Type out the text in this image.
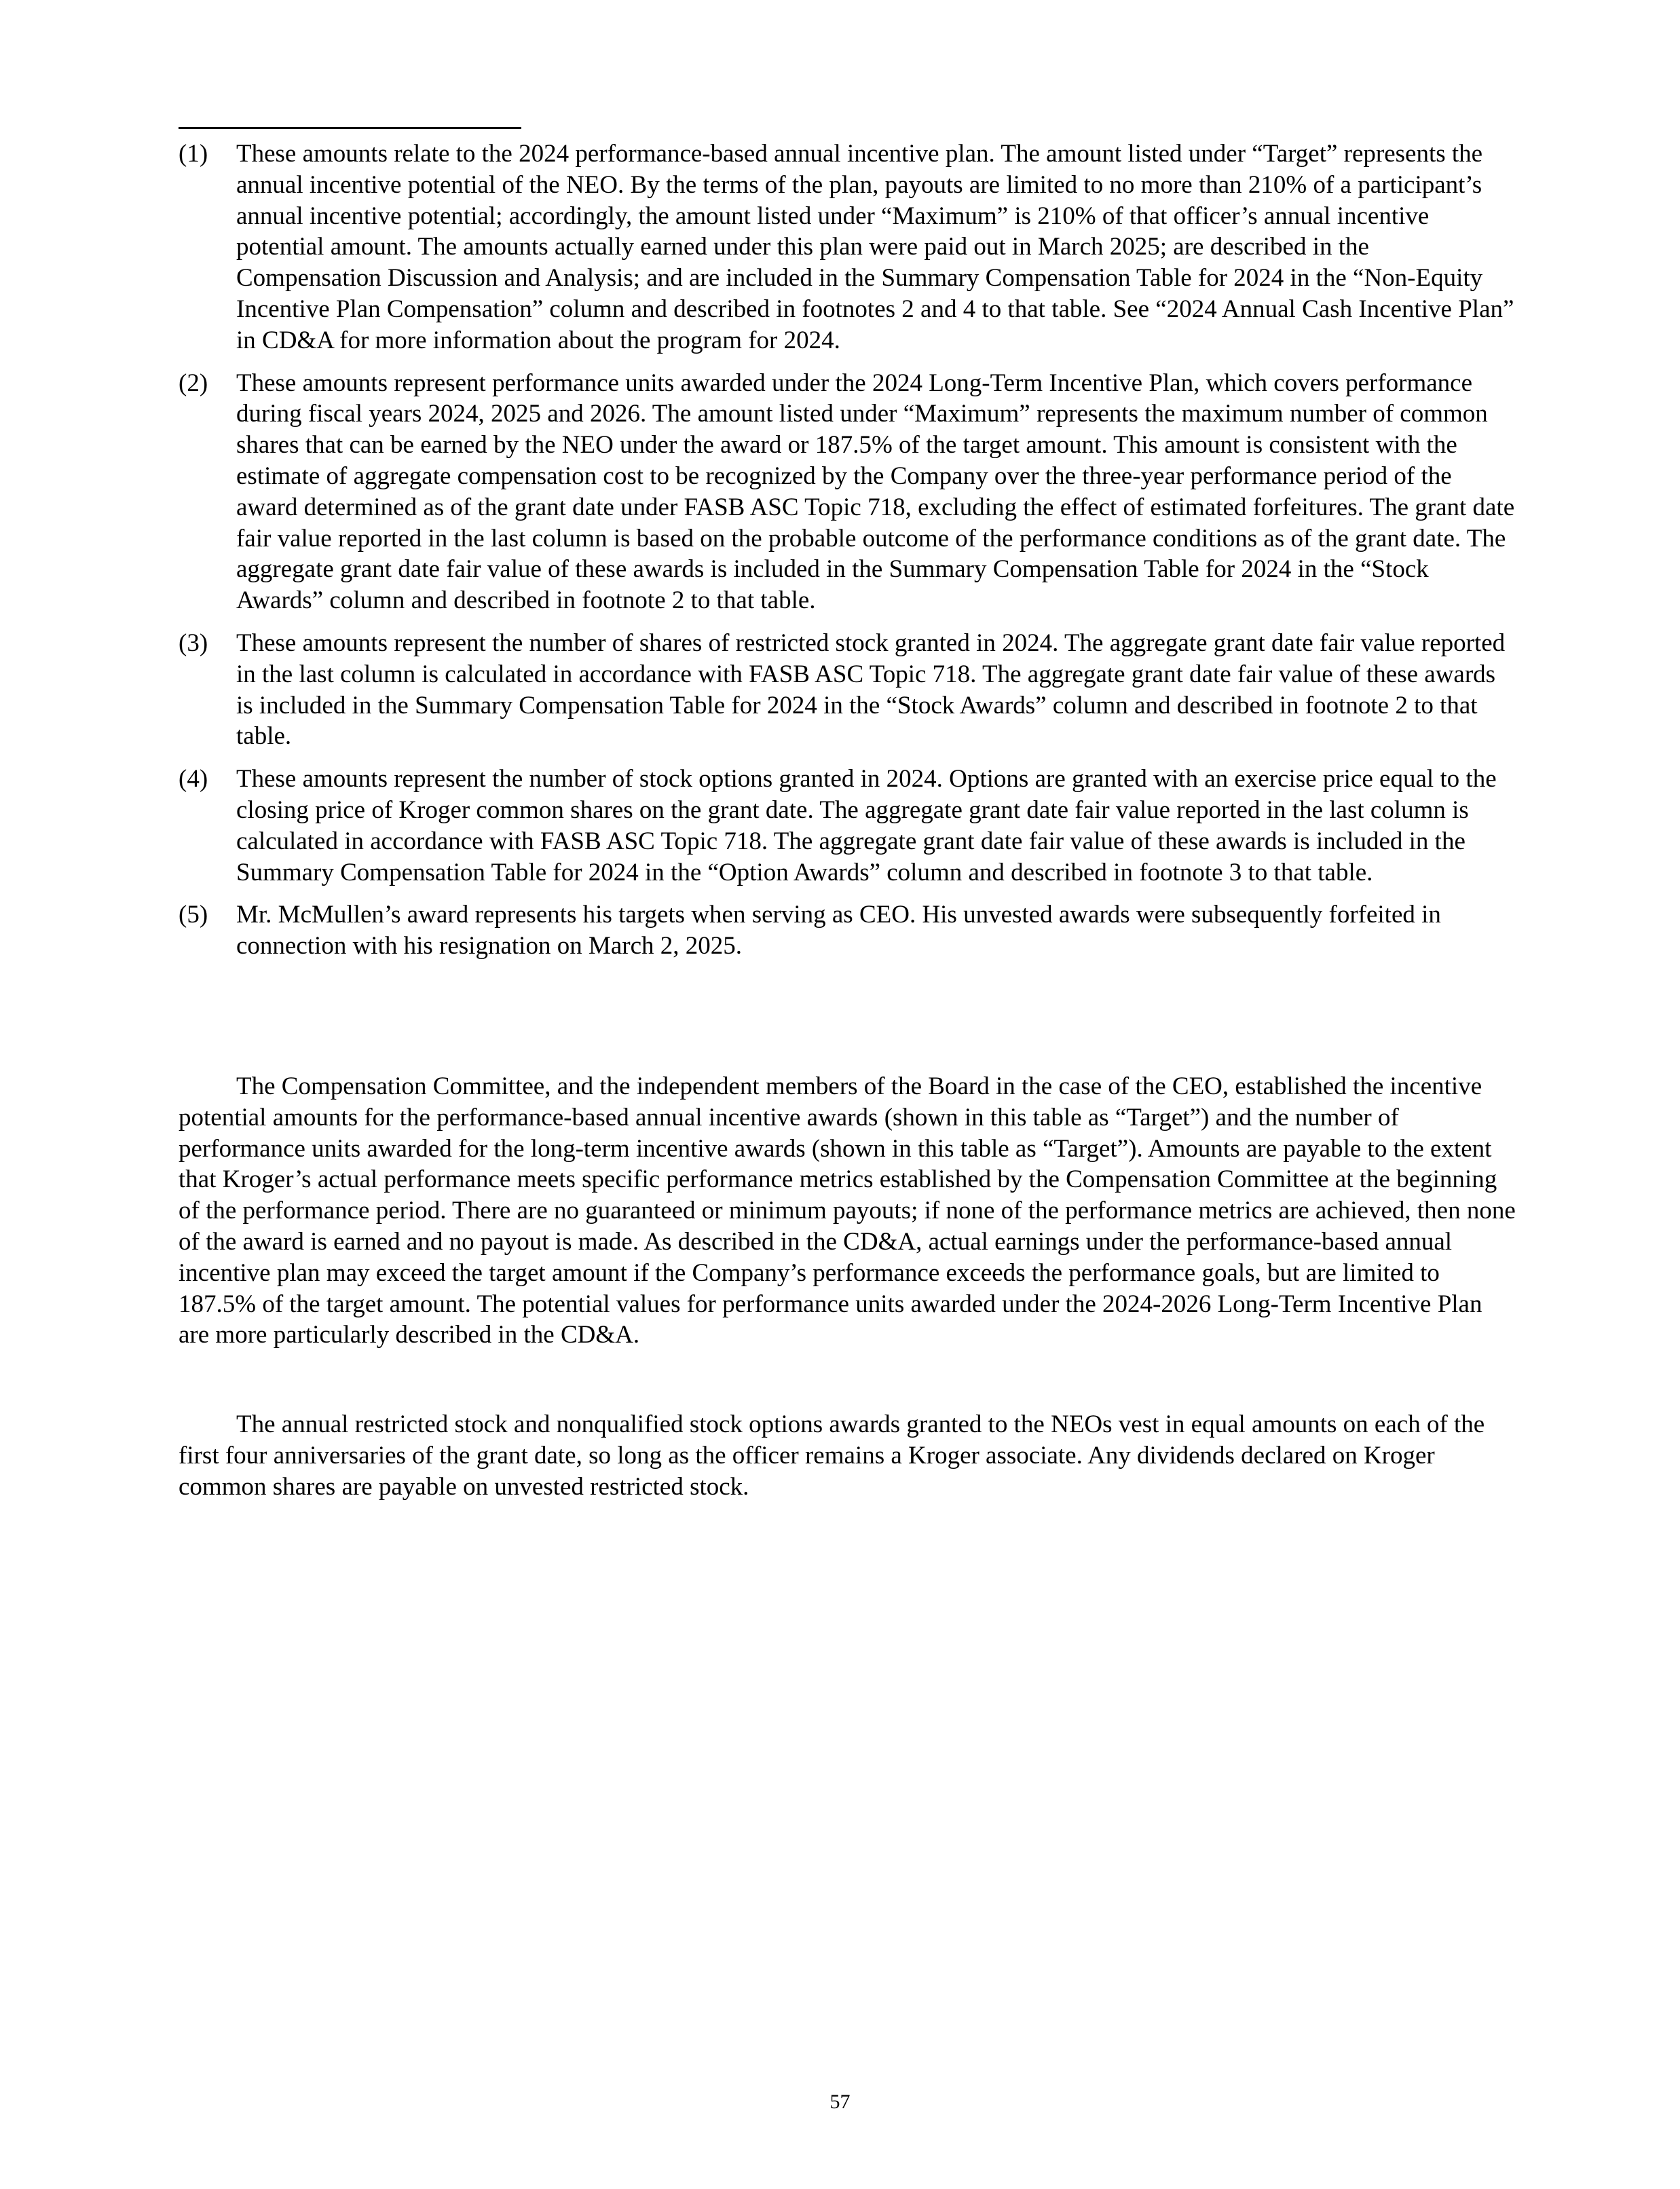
(1) These amounts relate to the 2024 performance-based annual incentive plan. The amount listed under “Target” represents the annual incentive potential of the NEO. By the terms of the plan, payouts are limited to no more than 210% of a participant’s annual incentive potential; accordingly, the amount listed under “Maximum” is 210% of that officer’s annual incentive potential amount. The amounts actually earned under this plan were paid out in March 2025; are described in the Compensation Discussion and Analysis; and are included in the Summary Compensation Table for 2024 in the “Non-Equity Incentive Plan Compensation” column and described in footnotes 2 and 4 to that table. See “2024 Annual Cash Incentive Plan” in CD&A for more information about the program for 2024.
(2) These amounts represent performance units awarded under the 2024 Long-Term Incentive Plan, which covers performance during fiscal years 2024, 2025 and 2026. The amount listed under “Maximum” represents the maximum number of common shares that can be earned by the NEO under the award or 187.5% of the target amount. This amount is consistent with the estimate of aggregate compensation cost to be recognized by the Company over the three-year performance period of the award determined as of the grant date under FASB ASC Topic 718, excluding the effect of estimated forfeitures. The grant date fair value reported in the last column is based on the probable outcome of the performance conditions as of the grant date. The aggregate grant date fair value of these awards is included in the Summary Compensation Table for 2024 in the “Stock Awards” column and described in footnote 2 to that table.
(3) These amounts represent the number of shares of restricted stock granted in 2024. The aggregate grant date fair value reported in the last column is calculated in accordance with FASB ASC Topic 718. The aggregate grant date fair value of these awards is included in the Summary Compensation Table for 2024 in the “Stock Awards” column and described in footnote 2 to that table.
(4) These amounts represent the number of stock options granted in 2024. Options are granted with an exercise price equal to the closing price of Kroger common shares on the grant date. The aggregate grant date fair value reported in the last column is calculated in accordance with FASB ASC Topic 718. The aggregate grant date fair value of these awards is included in the Summary Compensation Table for 2024 in the “Option Awards” column and described in footnote 3 to that table.
(5) Mr. McMullen’s award represents his targets when serving as CEO. His unvested awards were subsequently forfeited in connection with his resignation on March 2, 2025.

The Compensation Committee, and the independent members of the Board in the case of the CEO, established the incentive potential amounts for the performance-based annual incentive awards (shown in this table as “Target”) and the number of performance units awarded for the long-term incentive awards (shown in this table as “Target”). Amounts are payable to the extent that Kroger’s actual performance meets specific performance metrics established by the Compensation Committee at the beginning of the performance period. There are no guaranteed or minimum payouts; if none of the performance metrics are achieved, then none of the award is earned and no payout is made. As described in the CD&A, actual earnings under the performance-based annual incentive plan may exceed the target amount if the Company’s performance exceeds the performance goals, but are limited to 187.5% of the target amount. The potential values for performance units awarded under the 2024-2026 Long-Term Incentive Plan are more particularly described in the CD&A.

The annual restricted stock and nonqualified stock options awards granted to the NEOs vest in equal amounts on each of the first four anniversaries of the grant date, so long as the officer remains a Kroger associate. Any dividends declared on Kroger common shares are payable on unvested restricted stock.

57
